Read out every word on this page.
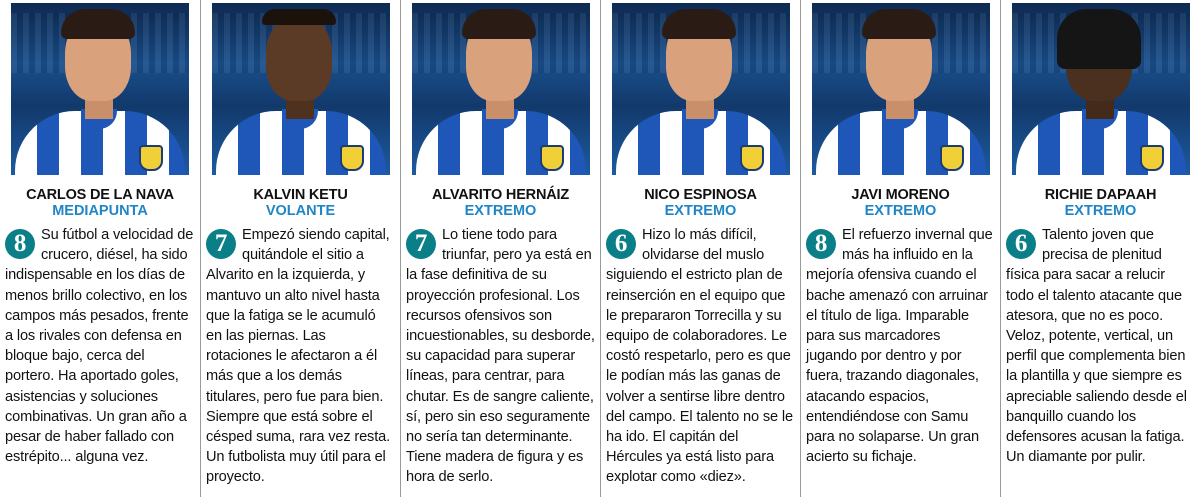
CARLOS DE LA NAVA
MEDIAPUNTA
8	Su fútbol a velocidad de crucero, diésel, ha sido indispensable en los días de menos brillo colectivo, en los campos más pesados, frente a los rivales con defensa en bloque bajo, cerca del portero. Ha aportado goles, asistencias y soluciones combinativas. Un gran año a pesar de haber fallado con estrépito... alguna vez.
KALVIN KETU
VOLANTE
7	Empezó siendo capital, quitándole el sitio a Alvarito en la izquierda, y mantuvo un alto nivel hasta que la fatiga se le acumuló en las piernas. Las rotaciones le afectaron a él más que a los demás titulares, pero fue para bien. Siempre que está sobre el césped suma, rara vez resta. Un futbolista muy útil para el proyecto.
ALVARITO HERNÁIZ
EXTREMO
7	Lo tiene todo para triunfar, pero ya está en la fase definitiva de su proyección profesional. Los recursos ofensivos son incuestionables, su desborde, su capacidad para superar líneas, para centrar, para chutar. Es de sangre caliente, sí, pero sin eso seguramente no sería tan determinante. Tiene madera de figura y es hora de serlo.
NICO ESPINOSA
EXTREMO
6	Hizo lo más difícil, olvidarse del muslo siguiendo el estricto plan de reinserción en el equipo que le prepararon Torrecilla y su equipo de colaboradores. Le costó respetarlo, pero es que le podían más las ganas de volver a sentirse libre dentro del campo. El talento no se le ha ido. El capitán del Hércules ya está listo para explotar como «diez».
JAVI MORENO
EXTREMO
8	El refuerzo invernal que más ha influido en la mejoría ofensiva cuando el bache amenazó con arruinar el título de liga. Imparable para sus marcadores jugando por dentro y por fuera, trazando diagonales, atacando espacios, entendiéndose con Samu para no solaparse. Un gran acierto su fichaje.
RICHIE DAPAAH
EXTREMO
6	Talento joven que precisa de plenitud física para sacar a relucir todo el talento atacante que atesora, que no es poco. Veloz, potente, vertical, un perfil que complementa bien la plantilla y que siempre es apreciable saliendo desde el banquillo cuando los defensores acusan la fatiga. Un diamante por pulir.
